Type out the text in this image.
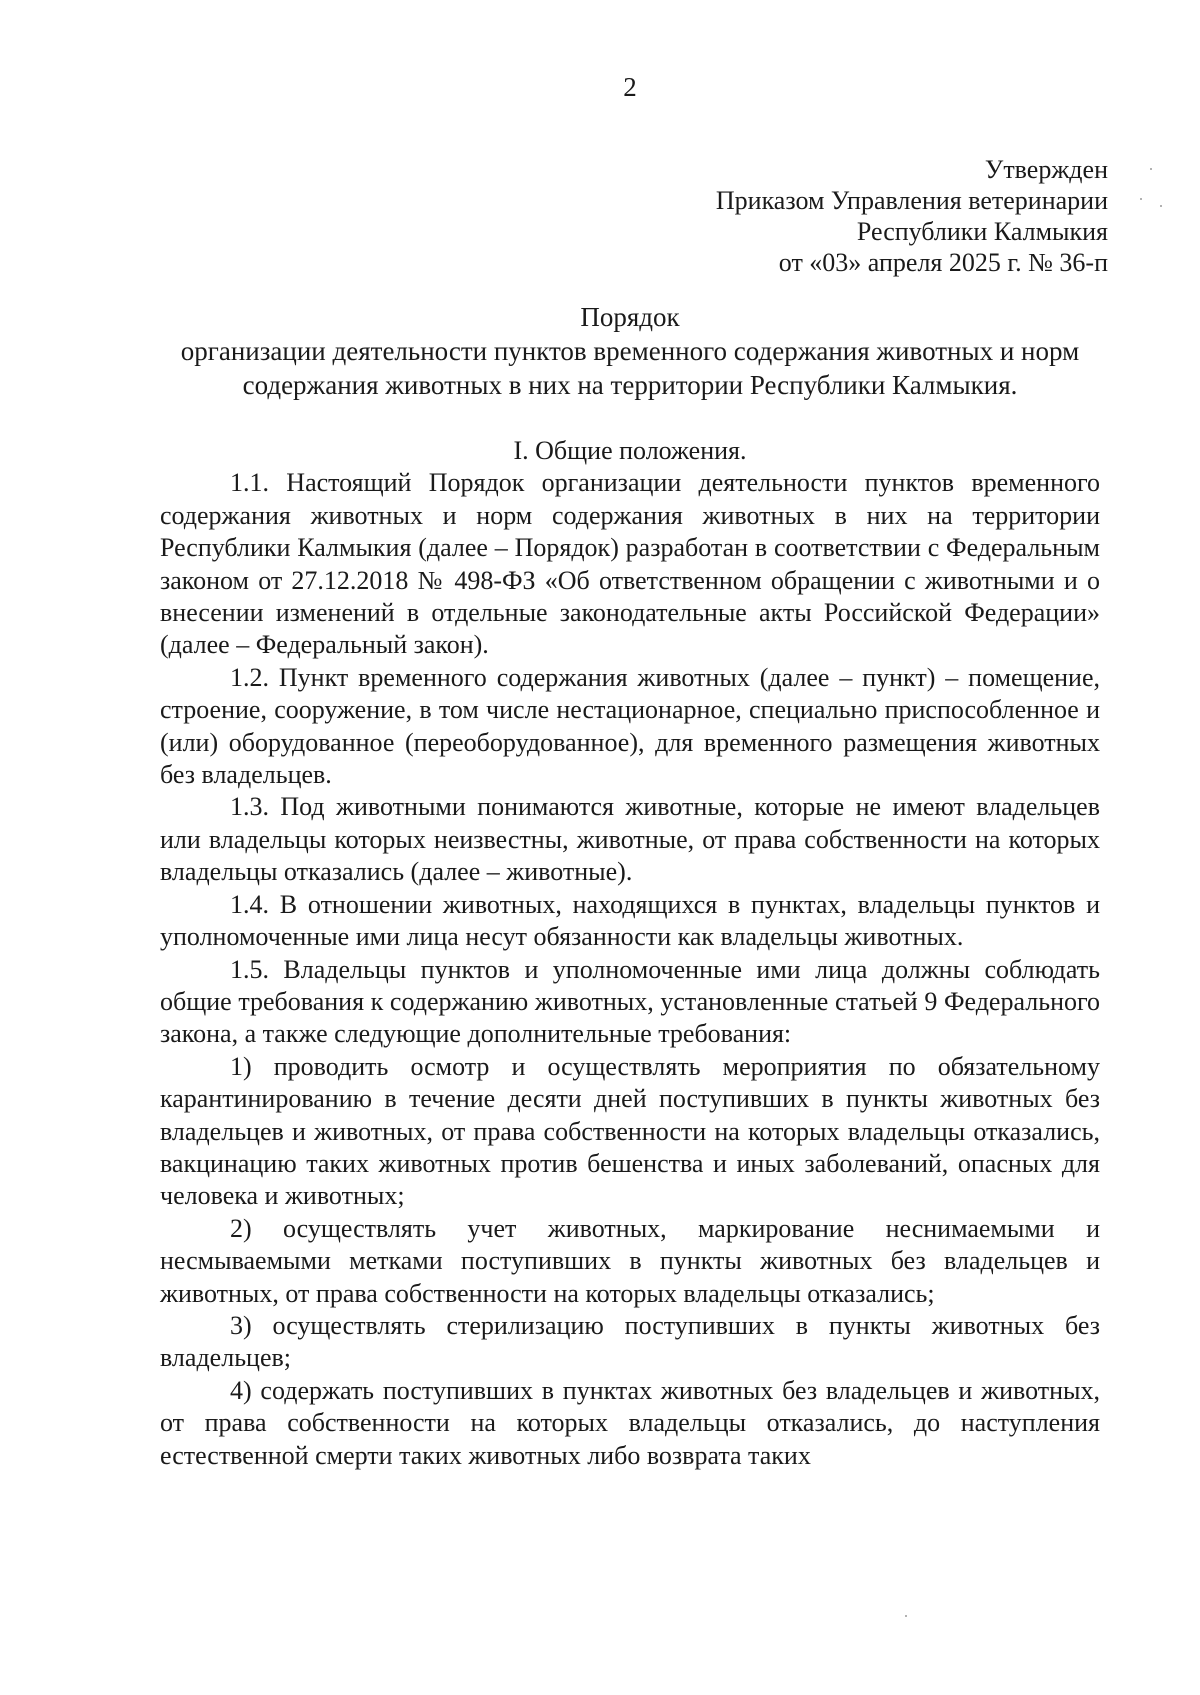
2
Утвержден
Приказом Управления ветеринарии
Республики Калмыкия
от «03» апреля 2025 г. № 36-п
Порядок
организации деятельности пунктов временного содержания животных и норм содержания животных в них на территории Республики Калмыкия.
I. Общие положения.

1.1. Настоящий Порядок организации деятельности пунктов временного содержания животных и норм содержания животных в них на территории Республики Калмыкия (далее – Порядок) разработан в соответствии с Федеральным законом от 27.12.2018 № 498-ФЗ «Об ответственном обращении с животными и о внесении изменений в отдельные законодательные акты Российской Федерации» (далее – Федеральный закон).

1.2. Пункт временного содержания животных (далее – пункт) – помещение, строение, сооружение, в том числе нестационарное, специально приспособленное и (или) оборудованное (переоборудованное), для временного размещения животных без владельцев.

1.3. Под животными понимаются животные, которые не имеют владельцев или владельцы которых неизвестны, животные, от права собственности на которых владельцы отказались (далее – животные).

1.4. В отношении животных, находящихся в пунктах, владельцы пунктов и уполномоченные ими лица несут обязанности как владельцы животных.

1.5. Владельцы пунктов и уполномоченные ими лица должны соблюдать общие требования к содержанию животных, установленные статьей 9 Федерального закона, а также следующие дополнительные требования:

1) проводить осмотр и осуществлять мероприятия по обязательному карантинированию в течение десяти дней поступивших в пункты животных без владельцев и животных, от права собственности на которых владельцы отказались, вакцинацию таких животных против бешенства и иных заболеваний, опасных для человека и животных;

2) осуществлять учет животных, маркирование неснимаемыми и несмываемыми метками поступивших в пункты животных без владельцев и животных, от права собственности на которых владельцы отказались;

3) осуществлять стерилизацию поступивших в пункты животных без владельцев;

4) содержать поступивших в пунктах животных без владельцев и животных, от права собственности на которых владельцы отказались, до наступления естественной смерти таких животных либо возврата таких
